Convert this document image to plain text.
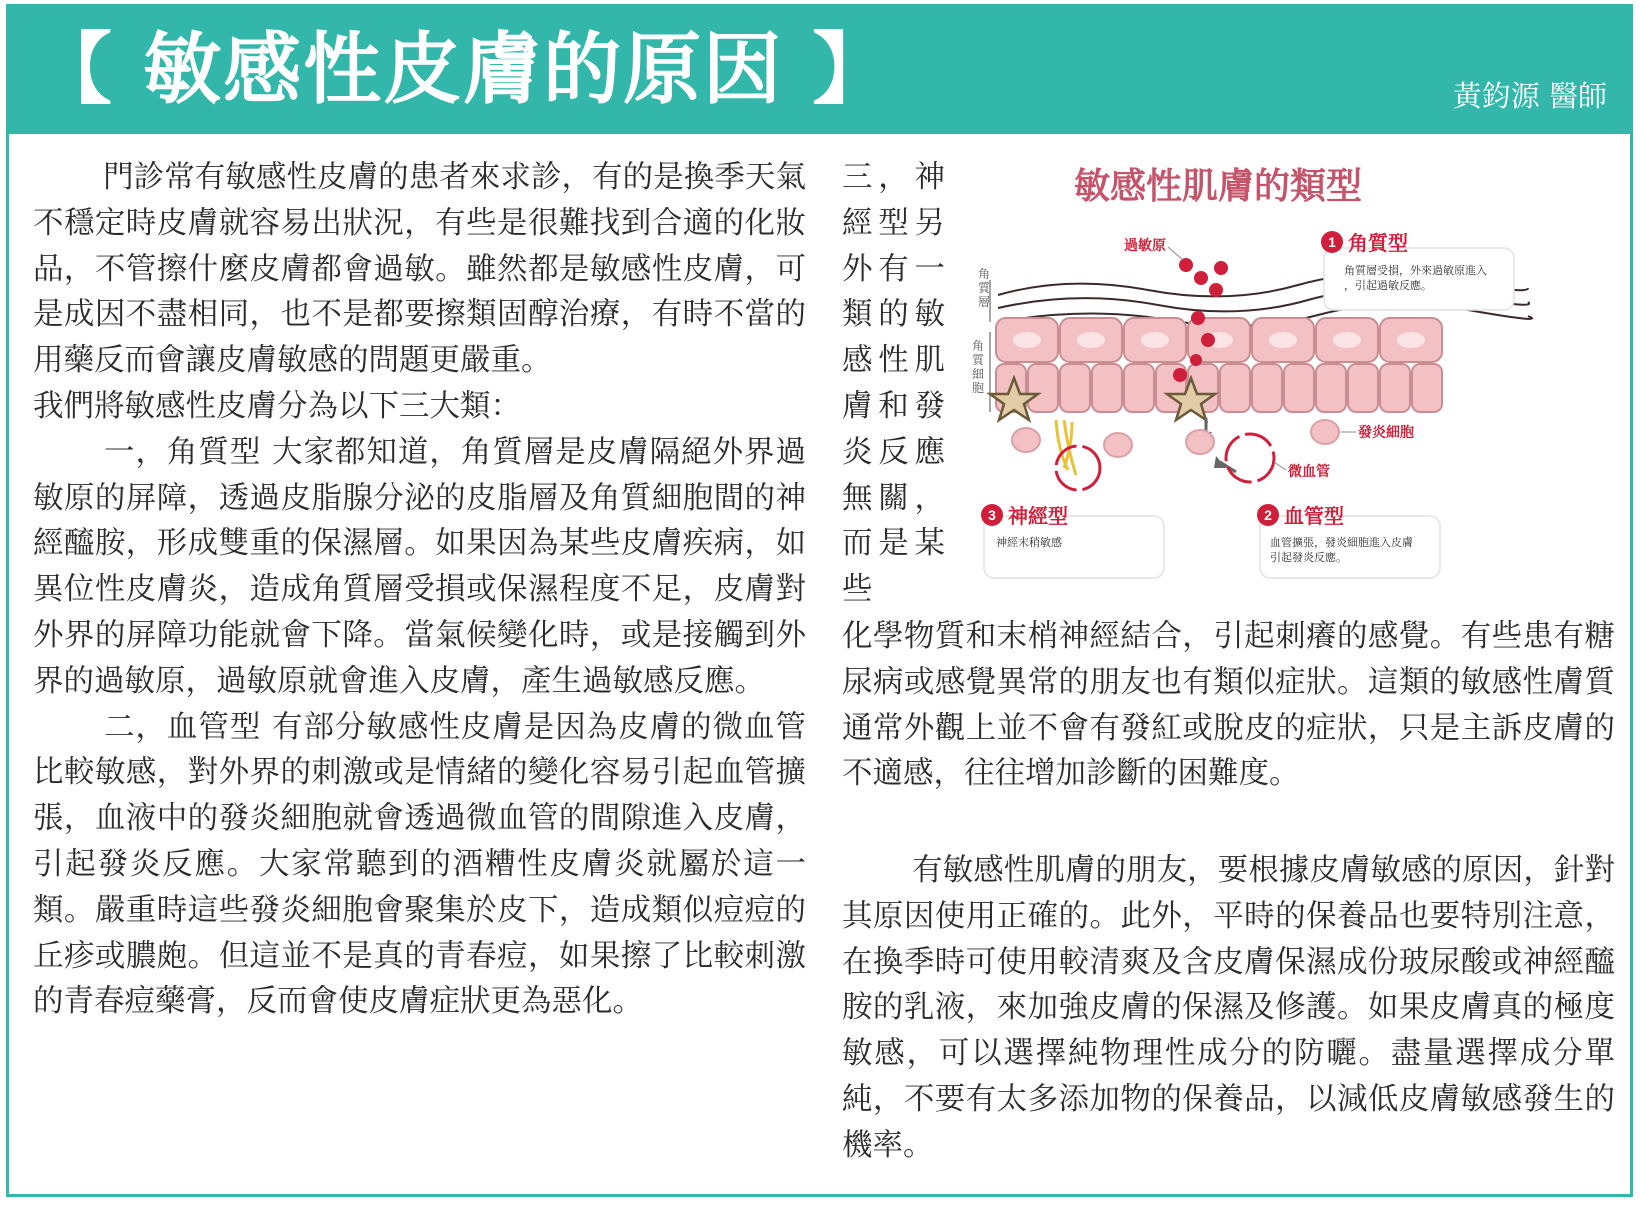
【 敏感性皮膚的原因 】	黃鈞源 醫師
門診常有敏感性皮膚的患者來求診，有的是換季天氣不穩定時皮膚就容易出狀況，有些是很難找到合適的化妝品，不管擦什麼皮膚都會過敏。雖然都是敏感性皮膚，可是成因不盡相同，也不是都要擦類固醇治療，有時不當的用藥反而會讓皮膚敏感的問題更嚴重。
我們將敏感性皮膚分為以下三大類：
一，角質型 大家都知道，角質層是皮膚隔絕外界過敏原的屏障，透過皮脂腺分泌的皮脂層及角質細胞間的神經醯胺，形成雙重的保濕層。如果因為某些皮膚疾病，如異位性皮膚炎，造成角質層受損或保濕程度不足，皮膚對外界的屏障功能就會下降。當氣候變化時，或是接觸到外界的過敏原，過敏原就會進入皮膚，產生過敏感反應。
二，血管型 有部分敏感性皮膚是因為皮膚的微血管比較敏感，對外界的刺激或是情緒的變化容易引起血管擴張，血液中的發炎細胞就會透過微血管的間隙進入皮膚，引起發炎反應。大家常聽到的酒糟性皮膚炎就屬於這一類。嚴重時這些發炎細胞會聚集於皮下，造成類似痘痘的丘疹或膿皰。但這並不是真的青春痘，如果擦了比較刺激的青春痘藥膏，反而會使皮膚症狀更為惡化。
三，神經型另外有一類的敏感性肌膚和發炎反應無關，而是某些
化學物質和末梢神經結合，引起刺癢的感覺。有些患有糖尿病或感覺異常的朋友也有類似症狀。這類的敏感性膚質通常外觀上並不會有發紅或脫皮的症狀，只是主訴皮膚的不適感，往往增加診斷的困難度。
有敏感性肌膚的朋友，要根據皮膚敏感的原因，針對其原因使用正確的。此外，平時的保養品也要特別注意，在換季時可使用較清爽及含皮膚保濕成份玻尿酸或神經醯胺的乳液，來加強皮膚的保濕及修護。如果皮膚真的極度敏感，可以選擇純物理性成分的防曬。盡量選擇成分單純，不要有太多添加物的保養品，以減低皮膚敏感發生的機率。
敏感性肌膚的類型
角質層
角質細胞
過敏原
發炎細胞
微血管
1 角質型
角質層受損，外來過敏原進入
，引起過敏反應。
2 血管型
血管擴張，發炎細胞進入皮膚
引起發炎反應。
3 神經型
神經末稍敏感
